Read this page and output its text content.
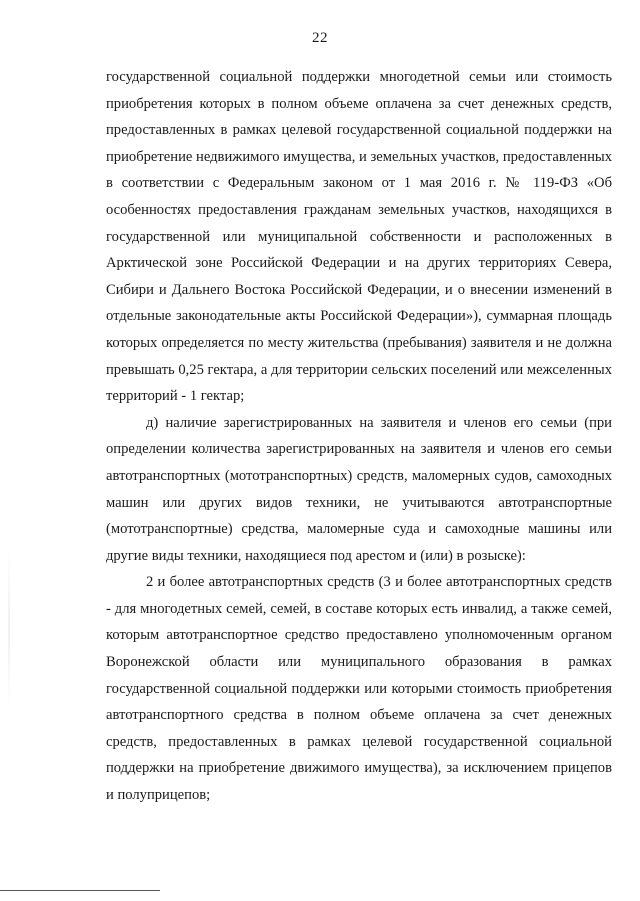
22

государственной социальной поддержки многодетной семьи или стоимость приобретения которых в полном объеме оплачена за счет денежных средств, предоставленных в рамках целевой государственной социальной поддержки на приобретение недвижимого имущества, и земельных участков, предоставленных в соответствии с Федеральным законом от 1 мая 2016 г. № 119-ФЗ «Об особенностях предоставления гражданам земельных участков, находящихся в государственной или муниципальной собственности и расположенных в Арктической зоне Российской Федерации и на других территориях Севера, Сибири и Дальнего Востока Российской Федерации, и о внесении изменений в отдельные законодательные акты Российской Федерации»), суммарная площадь которых определяется по месту жительства (пребывания) заявителя и не должна превышать 0,25 гектара, а для территории сельских поселений или межселенных территорий - 1 гектар;

д) наличие зарегистрированных на заявителя и членов его семьи (при определении количества зарегистрированных на заявителя и членов его семьи автотранспортных (мототранспортных) средств, маломерных судов, самоходных машин или других видов техники, не учитываются автотранспортные (мототранспортные) средства, маломерные суда и самоходные машины или другие виды техники, находящиеся под арестом и (или) в розыске):

2 и более автотранспортных средств (3 и более автотранспортных средств - для многодетных семей, семей, в составе которых есть инвалид, а также семей, которым автотранспортное средство предоставлено уполномоченным органом Воронежской области или муниципального образования в рамках государственной социальной поддержки или которыми стоимость приобретения автотранспортного средства в полном объеме оплачена за счет денежных средств, предоставленных в рамках целевой государственной социальной поддержки на приобретение движимого имущества), за исключением прицепов и полуприцепов;
